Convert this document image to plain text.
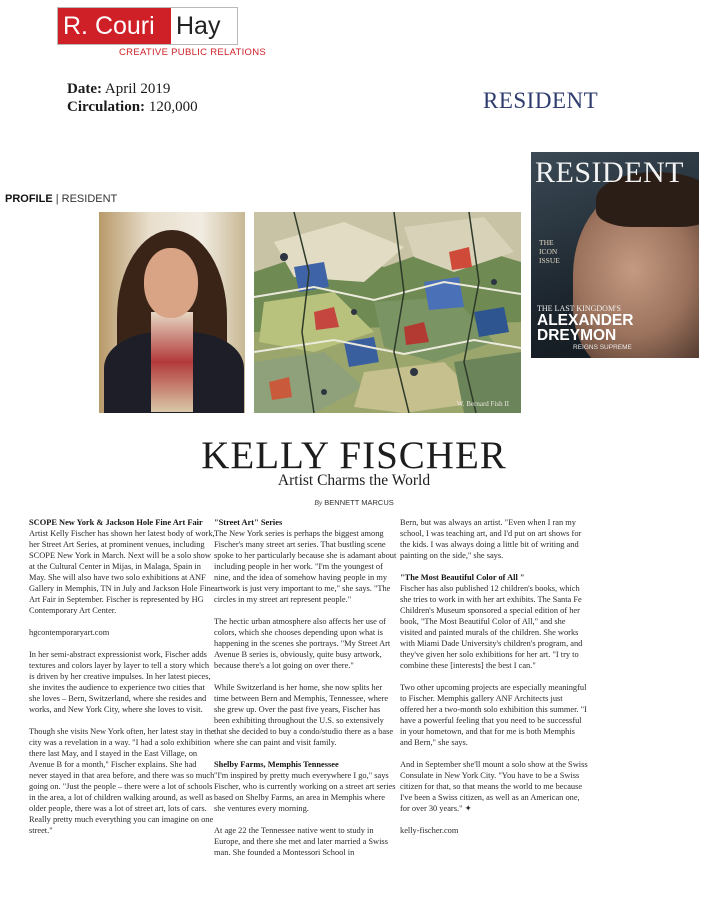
R. Couri Hay
CREATIVE PUBLIC RELATIONS
Date: April 2019
Circulation: 120,000	RESIDENT
RESIDENT
THE
ICON
ISSUE
THE LAST KINGDOM'S
ALEXANDER
DREYMON
REIGNS SUPREME
PROFILE | RESIDENT
W. Bernard Fish II
KELLY FISCHER
Artist Charms the World
By BENNETT MARCUS

SCOPE New York & Jackson Hole Fine Art Fair

Artist Kelly Fischer has shown her latest body of work, her Street Art Series, at prominent venues, including SCOPE New York in March. Next will be a solo show at the Cultural Center in Mijas, in Malaga, Spain in May. She will also have two solo exhibitions at ANF Gallery in Memphis, TN in July and Jackson Hole Fine Art Fair in September. Fischer is represented by HG Contemporary Art Center.

hgcontemporaryart.com

In her semi-abstract expressionist work, Fischer adds textures and colors layer by layer to tell a story which is driven by her creative impulses. In her latest pieces, she invites the audience to experience two cities that she loves – Bern, Switzerland, where she resides and works, and New York City, where she loves to visit.

Though she visits New York often, her latest stay in the city was a revelation in a way. "I had a solo exhibition there last May, and I stayed in the East Village, on Avenue B for a month," Fischer explains. She had never stayed in that area before, and there was so much going on. "Just the people – there were a lot of schools in the area, a lot of children walking around, as well as older people, there was a lot of street art, lots of cars. Really pretty much everything you can imagine on one street."

"Street Art" Series

The New York series is perhaps the biggest among Fischer's many street art series. That bustling scene spoke to her particularly because she is adamant about including people in her work. "I'm the youngest of nine, and the idea of somehow having people in my artwork is just very important to me," she says. "The circles in my street art represent people."

The hectic urban atmosphere also affects her use of colors, which she chooses depending upon what is happening in the scenes she portrays. "My Street Art Avenue B series is, obviously, quite busy artwork, because there's a lot going on over there."

While Switzerland is her home, she now splits her time between Bern and Memphis, Tennessee, where she grew up. Over the past five years, Fischer has been exhibiting throughout the U.S. so extensively that she decided to buy a condo/studio there as a base where she can paint and visit family.

Shelby Farms, Memphis Tennessee

"I'm inspired by pretty much everywhere I go," says Fischer, who is currently working on a street art series based on Shelby Farms, an area in Memphis where she ventures every morning.

At age 22 the Tennessee native went to study in Europe, and there she met and later married a Swiss man. She founded a Montessori School in

Bern, but was always an artist. "Even when I ran my school, I was teaching art, and I'd put on art shows for the kids. I was always doing a little bit of writing and painting on the side," she says.

"The Most Beautiful Color of All "

Fischer has also published 12 children's books, which she tries to work in with her art exhibits. The Santa Fe Children's Museum sponsored a special edition of her book, "The Most Beautiful Color of All," and she visited and painted murals of the children. She works with Miami Dade University's children's program, and they've given her solo exhibitions for her art. "I try to combine these [interests] the best I can."

Two other upcoming projects are especially meaningful to Fischer. Memphis gallery ANF Architects just offered her a two-month solo exhibition this summer. "I have a powerful feeling that you need to be successful in your hometown, and that for me is both Memphis and Bern," she says.

And in September she'll mount a solo show at the Swiss Consulate in New York City. "You have to be a Swiss citizen for that, so that means the world to me because I've been a Swiss citizen, as well as an American one, for over 30 years." ✦

kelly-fischer.com
